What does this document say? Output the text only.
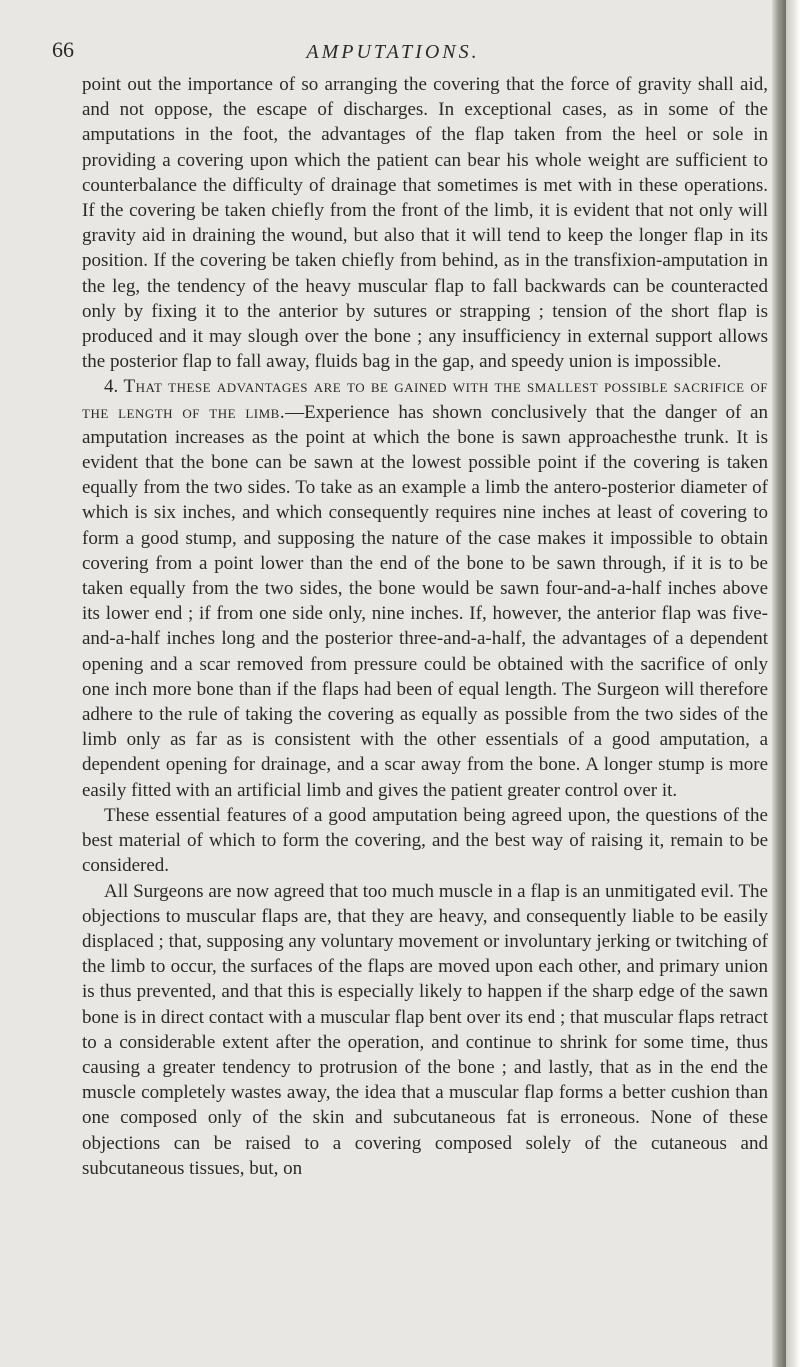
66	AMPUTATIONS.

point out the importance of so arranging the covering that the force of gravity shall aid, and not oppose, the escape of discharges. In exceptional cases, as in some of the amputations in the foot, the advantages of the flap taken from the heel or sole in providing a covering upon which the patient can bear his whole weight are sufficient to counterbalance the difficulty of drainage that sometimes is met with in these operations. If the covering be taken chiefly from the front of the limb, it is evident that not only will gravity aid in draining the wound, but also that it will tend to keep the longer flap in its position. If the covering be taken chiefly from behind, as in the transfixion-amputation in the leg, the tendency of the heavy muscular flap to fall backwards can be counteracted only by fixing it to the anterior by sutures or strapping ; tension of the short flap is produced and it may slough over the bone ; any insufficiency in external support allows the posterior flap to fall away, fluids bag in the gap, and speedy union is impossible.

4. That these advantages are to be gained with the smallest possible sacrifice of the length of the limb.—Experience has shown conclusively that the danger of an amputation increases as the point at which the bone is sawn approachesthe trunk. It is evident that the bone can be sawn at the lowest possible point if the covering is taken equally from the two sides. To take as an example a limb the antero-posterior diameter of which is six inches, and which consequently requires nine inches at least of covering to form a good stump, and supposing the nature of the case makes it impossible to obtain covering from a point lower than the end of the bone to be sawn through, if it is to be taken equally from the two sides, the bone would be sawn four-and-a-half inches above its lower end ; if from one side only, nine inches. If, however, the anterior flap was five-and-a-half inches long and the posterior three-and-a-half, the advantages of a dependent opening and a scar removed from pressure could be obtained with the sacrifice of only one inch more bone than if the flaps had been of equal length. The Surgeon will therefore adhere to the rule of taking the covering as equally as possible from the two sides of the limb only as far as is consistent with the other essentials of a good amputation, a dependent opening for drainage, and a scar away from the bone. A longer stump is more easily fitted with an artificial limb and gives the patient greater control over it.

These essential features of a good amputation being agreed upon, the questions of the best material of which to form the covering, and the best way of raising it, remain to be considered.

All Surgeons are now agreed that too much muscle in a flap is an unmitigated evil. The objections to muscular flaps are, that they are heavy, and consequently liable to be easily displaced ; that, supposing any voluntary movement or involuntary jerking or twitching of the limb to occur, the surfaces of the flaps are moved upon each other, and primary union is thus prevented, and that this is especially likely to happen if the sharp edge of the sawn bone is in direct contact with a muscular flap bent over its end ; that muscular flaps retract to a considerable extent after the operation, and continue to shrink for some time, thus causing a greater tendency to protrusion of the bone ; and lastly, that as in the end the muscle completely wastes away, the idea that a muscular flap forms a better cushion than one composed only of the skin and subcutaneous fat is erroneous. None of these objections can be raised to a covering composed solely of the cutaneous and subcutaneous tissues, but, on
